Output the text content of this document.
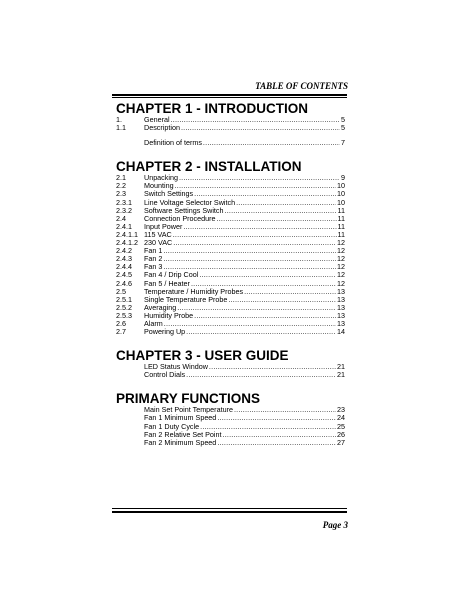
TABLE OF CONTENTS
CHAPTER 1 - INTRODUCTION
1.	General .....	5
1.1	Description .....	5
Definition of terms .....	7
CHAPTER 2 - INSTALLATION
2.1	Unpacking .....	9
2.2	Mounting .....	10
2.3	Switch Settings .....	10
2.3.1	Line Voltage Selector Switch .....	10
2.3.2	Software Settings Switch .....	11
2.4	Connection Procedure .....	11
2.4.1	Input Power .....	11
2.4.1.1 115 VAC .....	11
2.4.1.2 230 VAC .....	12
2.4.2	Fan 1 .....	12
2.4.3	Fan 2 .....	12
2.4.4	Fan 3 .....	12
2.4.5	Fan 4 / Drip Cool .....	12
2.4.6	Fan 5 / Heater .....	12
2.5	Temperature / Humidity Probes .....	13
2.5.1	Single Temperature Probe .....	13
2.5.2	Averaging .....	13
2.5.3	Humidity Probe .....	13
2.6	Alarm .....	13
2.7	Powering Up .....	14
CHAPTER 3 - USER GUIDE
LED Status Window .....	21
Control Dials .....	21
PRIMARY FUNCTIONS
Main Set Point Temperature .....	23
Fan 1 Minimum Speed .....	24
Fan 1 Duty Cycle .....	25
Fan 2 Relative Set Point .....	26
Fan 2 Minimum Speed .....	27
Page 3
